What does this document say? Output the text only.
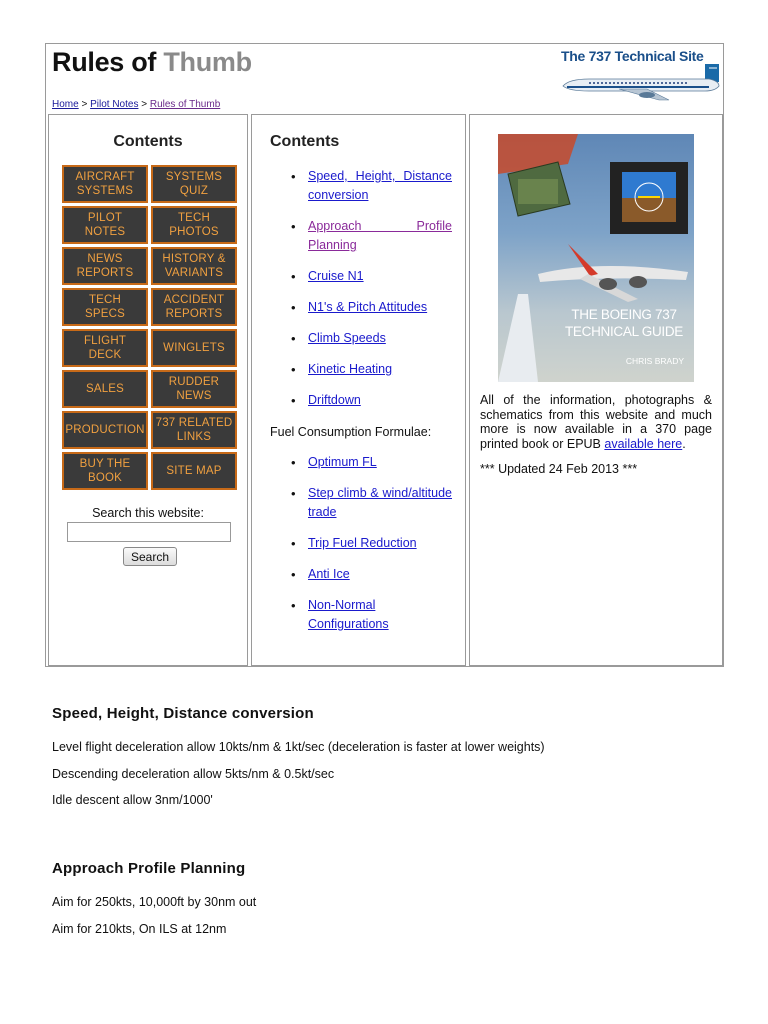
Rules of Thumb
Home > Pilot Notes > Rules of Thumb
The 737 Technical Site
Contents
AIRCRAFT
SYSTEMS
SYSTEMS
QUIZ
PILOT
NOTES
TECH
PHOTOS
NEWS
REPORTS
HISTORY &
VARIANTS
TECH
SPECS
ACCIDENT
REPORTS
FLIGHT
DECK
WINGLETS
SALES
RUDDER
NEWS
PRODUCTION
737 RELATED
LINKS
BUY THE
BOOK
SITE MAP
Search this website:
Search
Contents
• Speed, Height, Distance conversion
• Approach Profile Planning
• Cruise N1
• N1's & Pitch Attitudes
• Climb Speeds
• Kinetic Heating
• Driftdown
Fuel Consumption Formulae:
• Optimum FL
• Step climb & wind/altitude trade
• Trip Fuel Reduction
• Anti Ice
• Non-Normal Configurations
THE BOEING 737
TECHNICAL GUIDE
CHRIS BRADY

All of the information, photographs & schematics from this website and much more is now available in a 370 page printed book or EPUB available here.

*** Updated 24 Feb 2013 ***

Speed, Height, Distance conversion

Level flight deceleration allow 10kts/nm & 1kt/sec (deceleration is faster at lower weights)

Descending deceleration allow 5kts/nm & 0.5kt/sec

Idle descent allow 3nm/1000'

Approach Profile Planning

Aim for 250kts, 10,000ft by 30nm out

Aim for 210kts, On ILS at 12nm
